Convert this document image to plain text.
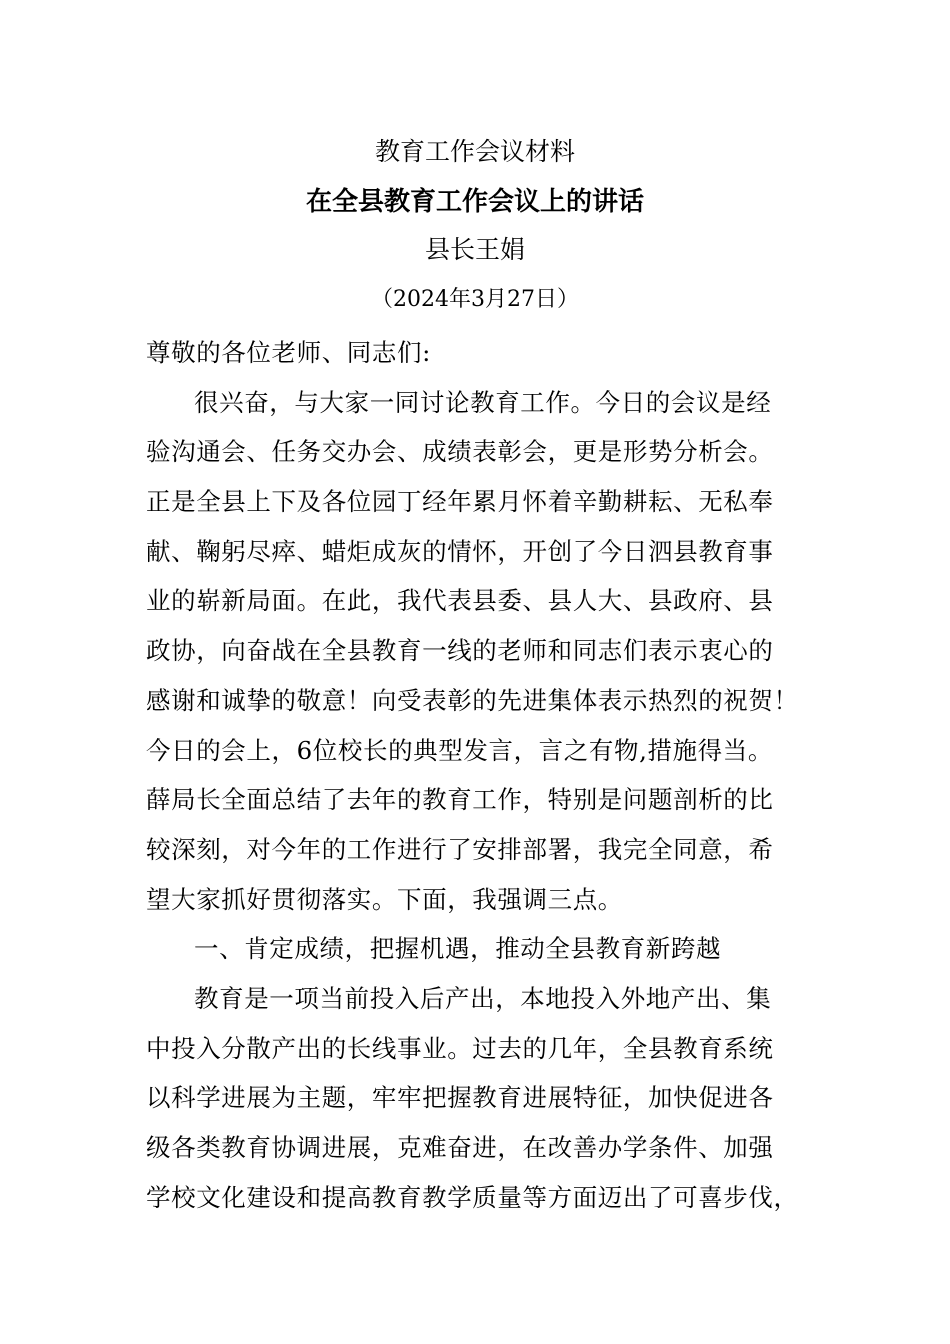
教育工作会议材料
在全县教育工作会议上的讲话
县长王娟
（2024年3月27日）
尊敬的各位老师、同志们:
很兴奋，与大家一同讨论教育工作。今日的会议是经
验沟通会、任务交办会、成绩表彰会，更是形势分析会。
正是全县上下及各位园丁经年累月怀着辛勤耕耘、无私奉
献、鞠躬尽瘁、蜡炬成灰的情怀，开创了今日泗县教育事
业的崭新局面。在此，我代表县委、县人大、县政府、县
政协，向奋战在全县教育一线的老师和同志们表示衷心的
感谢和诚挚的敬意！向受表彰的先进集体表示热烈的祝贺！
今日的会上，6位校长的典型发言，言之有物,措施得当。
薛局长全面总结了去年的教育工作，特别是问题剖析的比
较深刻，对今年的工作进行了安排部署，我完全同意，希
望大家抓好贯彻落实。下面，我强调三点。
一、肯定成绩，把握机遇，推动全县教育新跨越
教育是一项当前投入后产出，本地投入外地产出、集
中投入分散产出的长线事业。过去的几年，全县教育系统
以科学进展为主题，牢牢把握教育进展特征，加快促进各
级各类教育协调进展，克难奋进，在改善办学条件、加强
学校文化建设和提高教育教学质量等方面迈出了可喜步伐，
